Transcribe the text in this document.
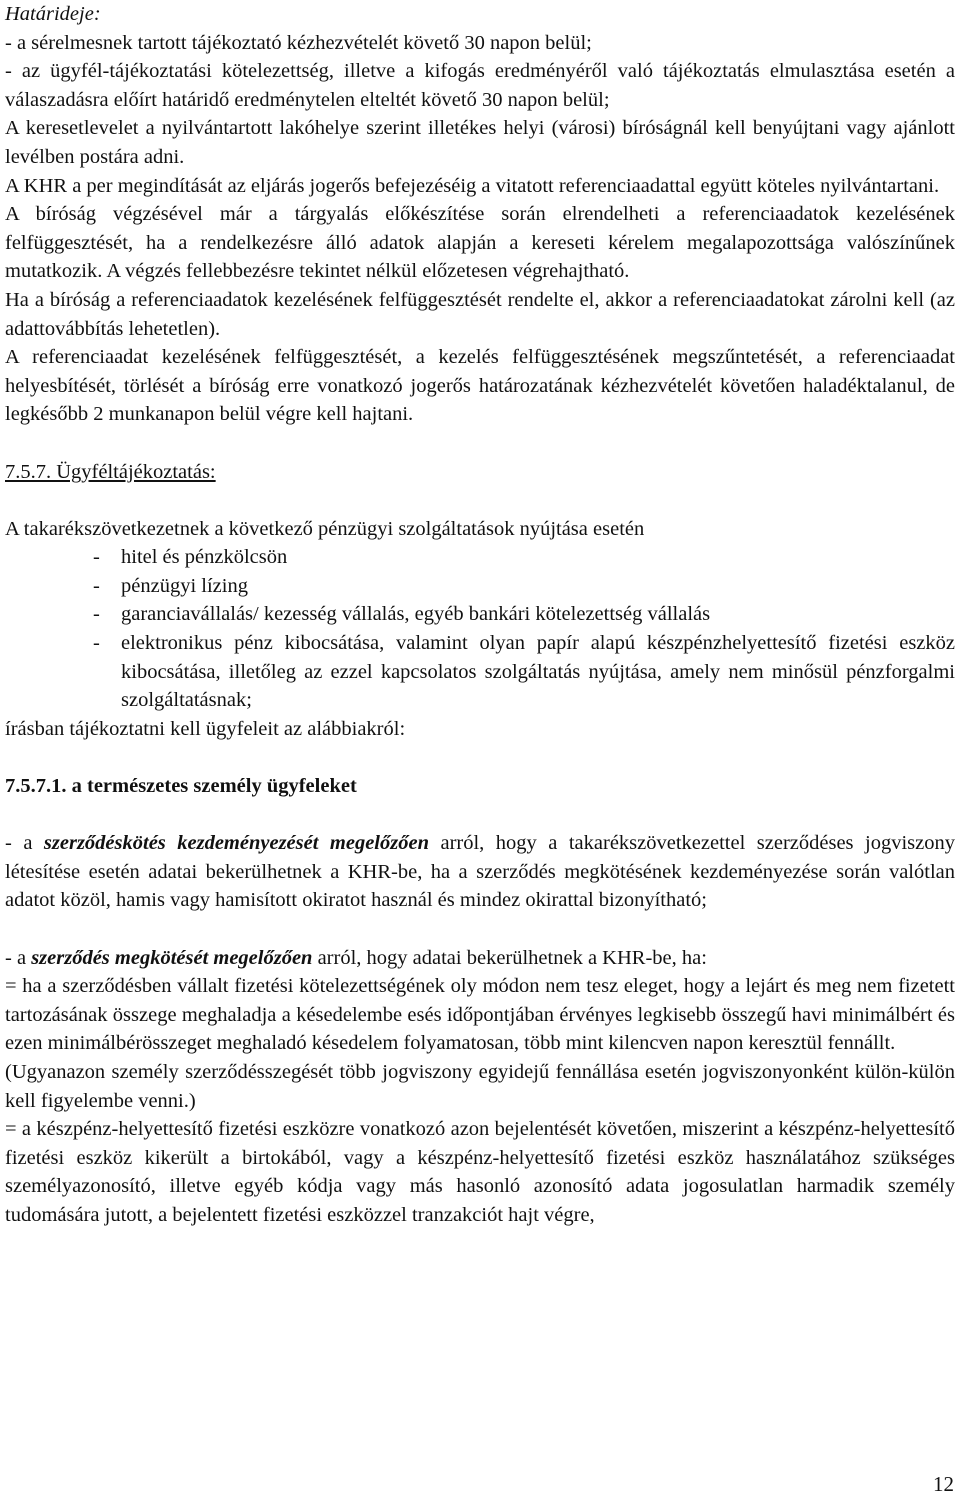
Határideje:

- a sérelmesnek tartott tájékoztató kézhezvételét követő 30 napon belül;

- az ügyfél-tájékoztatási kötelezettség, illetve a kifogás eredményéről való tájékoztatás elmulasztása esetén a válaszadásra előírt határidő eredménytelen elteltét követő 30 napon belül;

A keresetlevelet a nyilvántartott lakóhelye szerint illetékes helyi (városi) bíróságnál kell benyújtani vagy ajánlott levélben postára adni.

A KHR a per megindítását az eljárás jogerős befejezéséig a vitatott referenciaadattal együtt köteles nyilvántartani.

A bíróság végzésével már a tárgyalás előkészítése során elrendelheti a referenciaadatok kezelésének felfüggesztését, ha a rendelkezésre álló adatok alapján a kereseti kérelem megalapozottsága valószínűnek mutatkozik. A végzés fellebbezésre tekintet nélkül előzetesen végrehajtható.

Ha a bíróság a referenciaadatok kezelésének felfüggesztését rendelte el, akkor a referenciaadatokat zárolni kell (az adattovábbítás lehetetlen).

A referenciaadat kezelésének felfüggesztését, a kezelés felfüggesztésének megszűntetését, a referenciaadat helyesbítését, törlését a bíróság erre vonatkozó jogerős határozatának kézhezvételét követően haladéktalanul, de legkésőbb 2 munkanapon belül végre kell hajtani.

7.5.7. Ügyféltájékoztatás:

A takarékszövetkezetnek a következő pénzügyi szolgáltatások nyújtása esetén

- hitel és pénzkölcsön
- pénzügyi lízing
- garanciavállalás/ kezesség vállalás, egyéb bankári kötelezettség vállalás
- elektronikus pénz kibocsátása, valamint olyan papír alapú készpénzhelyettesítő fizetési eszköz kibocsátása, illetőleg az ezzel kapcsolatos szolgáltatás nyújtása, amely nem minősül pénzforgalmi szolgáltatásnak;

írásban tájékoztatni kell ügyfeleit az alábbiakról:

7.5.7.1. a természetes személy ügyfeleket

- a szerződéskötés kezdeményezését megelőzően arról, hogy a takarékszövetkezettel szerződéses jogviszony létesítése esetén adatai bekerülhetnek a KHR-be, ha a szerződés megkötésének kezdeményezése során valótlan adatot közöl, hamis vagy hamisított okiratot használ és mindez okirattal bizonyítható;

- a szerződés megkötését megelőzően arról, hogy adatai bekerülhetnek a KHR-be, ha:

= ha a szerződésben vállalt fizetési kötelezettségének oly módon nem tesz eleget, hogy a lejárt és meg nem fizetett tartozásának összege meghaladja a késedelembe esés időpontjában érvényes legkisebb összegű havi minimálbért és ezen minimálbérösszeget meghaladó késedelem folyamatosan, több mint kilencven napon keresztül fennállt.

(Ugyanazon személy szerződésszegését több jogviszony egyidejű fennállása esetén jogviszonyonként külön-külön kell figyelembe venni.)

= a készpénz-helyettesítő fizetési eszközre vonatkozó azon bejelentését követően, miszerint a készpénz-helyettesítő fizetési eszköz kikerült a birtokából, vagy a készpénz-helyettesítő fizetési eszköz használatához szükséges személyazonosító, illetve egyéb kódja vagy más hasonló azonosító adata jogosulatlan harmadik személy tudomására jutott, a bejelentett fizetési eszközzel tranzakciót hajt végre,

12
